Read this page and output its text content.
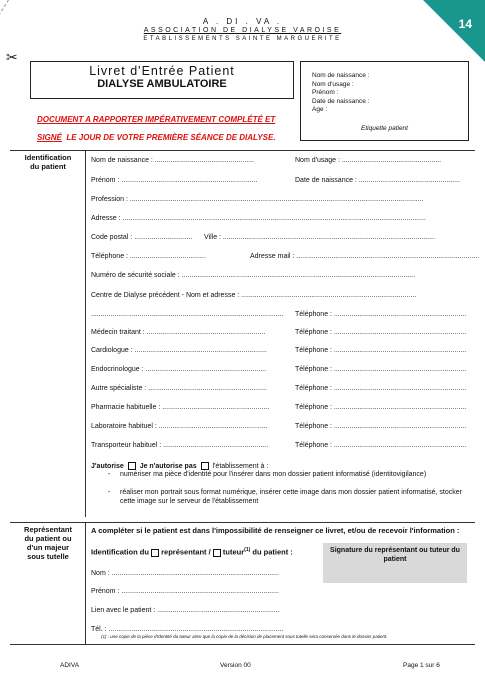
14
A . DI . VA .
ASSOCIATION DE DIALYSE VAROISE
ETABLISSEMENTS SAINTE MARGUERITE
✂
Livret d'Entrée Patient
DIALYSE AMBULATOIRE
DOCUMENT A RAPPORTER IMPÉRATIVEMENT COMPLÉTÉ ET
SIGNÉ LE JOUR DE VOTRE PREMIÈRE SÉANCE DE DIALYSE.
Nom de naissance :
Nom d'usage :
Prénom :
Date de naissance :
Age :
Etiquette patient
Identification
du patient
Nom de naissance : ...................................................	Nom d'usage : ...................................................
Prénom : ......................................................................	Date de naissance : ....................................................
Profession : .......................................................................................................................................................
Adresse : ............................................................................................................................................................
Code postal : .............................. Ville : .............................................................................................................
Téléphone : .......................................	Adresse mail : ..............................................................................................
Numéro de sécurité sociale : ........................................................................................................................
Centre de Dialyse précédent - Nom et adresse : ..........................................................................................
................................................................................................... Téléphone : ....................................................................
Médecin traitant : .............................................................	Téléphone : ....................................................................
Cardiologue : ....................................................................	Téléphone : ....................................................................
Endocrinologue : ..............................................................	Téléphone : ....................................................................
Autre spécialiste : .............................................................	Téléphone : ....................................................................
Pharmacie habituelle : .......................................................	Téléphone : ....................................................................
Laboratoire habituel : ........................................................	Téléphone : ....................................................................
Transporteur habituel : ......................................................	Téléphone : ....................................................................
J'autorise Je n'autorise pas l'établissement à :
- numériser ma pièce d'identité pour l'insérer dans mon dossier patient informatisé (identitovigilance)
- réaliser mon portrait sous format numérique, insérer cette image dans mon dossier patient informatisé, stocker cette image sur le serveur de l'établissement
Représentant
du patient ou
d'un majeur
sous tutelle
A compléter si le patient est dans l'impossibilité de renseigner ce livret, et/ou de recevoir l'information :
Identification du représentant / tuteur$^{(1)}$ du patient :	Signature du représentant ou tuteur du patient
Nom : ......................................................................................
Prénom : .................................................................................
Lien avec le patient : ...............................................................
Tél. : ..........................................................................................
(1) : une copie de la pièce d'identité du tuteur ainsi que la copie de la décision de placement sous tutelle sera conservée dans le dossier patient.
ADIVA	Version 00	Page 1 sur 6
